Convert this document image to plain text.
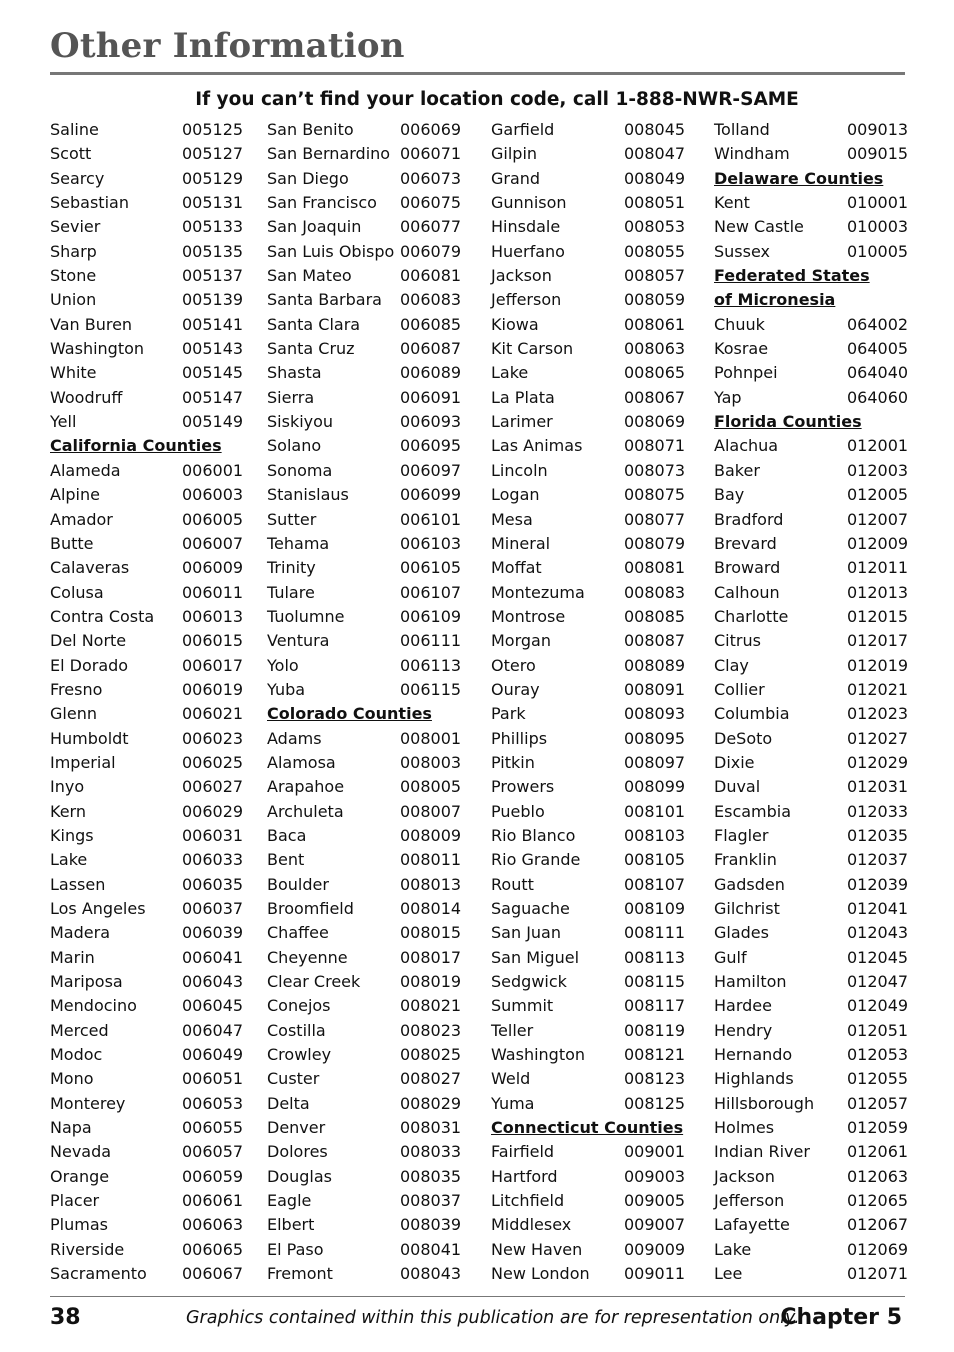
Other Information
If you can’t find your location code, call 1-888-NWR-SAME
Saline	005125
Scott	005127
Searcy	005129
Sebastian	005131
Sevier	005133
Sharp	005135
Stone	005137
Union	005139
Van Buren	005141
Washington 005143
White	005145
Woodruff	005147
Yell	005149
California Counties
Alameda	006001
Alpine	006003
Amador	006005
Butte	006007
Calaveras	006009
Colusa	006011
Contra Costa 006013
Del Norte	006015
El Dorado	006017
Fresno	006019
Glenn	006021
Humboldt	006023
Imperial	006025
Inyo	006027
Kern	006029
Kings	006031
Lake	006033
Lassen	006035
Los Angeles 006037
Madera	006039
Marin	006041
Mariposa	006043
Mendocino	006045
Merced	006047
Modoc	006049
Mono	006051
Monterey	006053
Napa	006055
Nevada	006057
Orange	006059
Placer	006061
Plumas	006063
Riverside	006065
Sacramento 006067
San Benito	006069
San Bernardino 006071
San Diego	006073
San Francisco 006075
San Joaquin 006077
San Luis Obispo 006079
San Mateo	006081
Santa Barbara 006083
Santa Clara 006085
Santa Cruz	006087
Shasta	006089
Sierra	006091
Siskiyou	006093
Solano	006095
Sonoma	006097
Stanislaus	006099
Sutter	006101
Tehama	006103
Trinity	006105
Tulare	006107
Tuolumne	006109
Ventura	006111
Yolo	006113
Yuba	006115
Colorado Counties
Adams	008001
Alamosa	008003
Arapahoe	008005
Archuleta	008007
Baca	008009
Bent	008011
Boulder	008013
Broomfield	008014
Chaffee	008015
Cheyenne	008017
Clear Creek 008019
Conejos	008021
Costilla	008023
Crowley	008025
Custer	008027
Delta	008029
Denver	008031
Dolores	008033
Douglas	008035
Eagle	008037
Elbert	008039
El Paso	008041
Fremont	008043
Garfield	008045
Gilpin	008047
Grand	008049
Gunnison	008051
Hinsdale	008053
Huerfano	008055
Jackson	008057
Jefferson	008059
Kiowa	008061
Kit Carson	008063
Lake	008065
La Plata	008067
Larimer	008069
Las Animas	008071
Lincoln	008073
Logan	008075
Mesa	008077
Mineral	008079
Moffat	008081
Montezuma 008083
Montrose	008085
Morgan	008087
Otero	008089
Ouray	008091
Park	008093
Phillips	008095
Pitkin	008097
Prowers	008099
Pueblo	008101
Rio Blanco	008103
Rio Grande	008105
Routt	008107
Saguache	008109
San Juan	008111
San Miguel	008113
Sedgwick	008115
Summit	008117
Teller	008119
Washington 008121
Weld	008123
Yuma	008125
Connecticut Counties
Fairfield	009001
Hartford	009003
Litchfield	009005
Middlesex	009007
New Haven	009009
New London 009011
Tolland	009013
Windham	009015
Delaware Counties
Kent	010001
New Castle	010003
Sussex	010005
Federated States of Micronesia
Chuuk	064002
Kosrae	064005
Pohnpei	064040
Yap	064060
Florida Counties
Alachua	012001
Baker	012003
Bay	012005
Bradford	012007
Brevard	012009
Broward	012011
Calhoun	012013
Charlotte	012015
Citrus	012017
Clay	012019
Collier	012021
Columbia	012023
DeSoto	012027
Dixie	012029
Duval	012031
Escambia	012033
Flagler	012035
Franklin	012037
Gadsden	012039
Gilchrist	012041
Glades	012043
Gulf	012045
Hamilton	012047
Hardee	012049
Hendry	012051
Hernando	012053
Highlands	012055
Hillsborough 012057
Holmes	012059
Indian River 012061
Jackson	012063
Jefferson	012065
Lafayette	012067
Lake	012069
Lee	012071
38	Graphics contained within this publication are for representation only.
Chapter 5
